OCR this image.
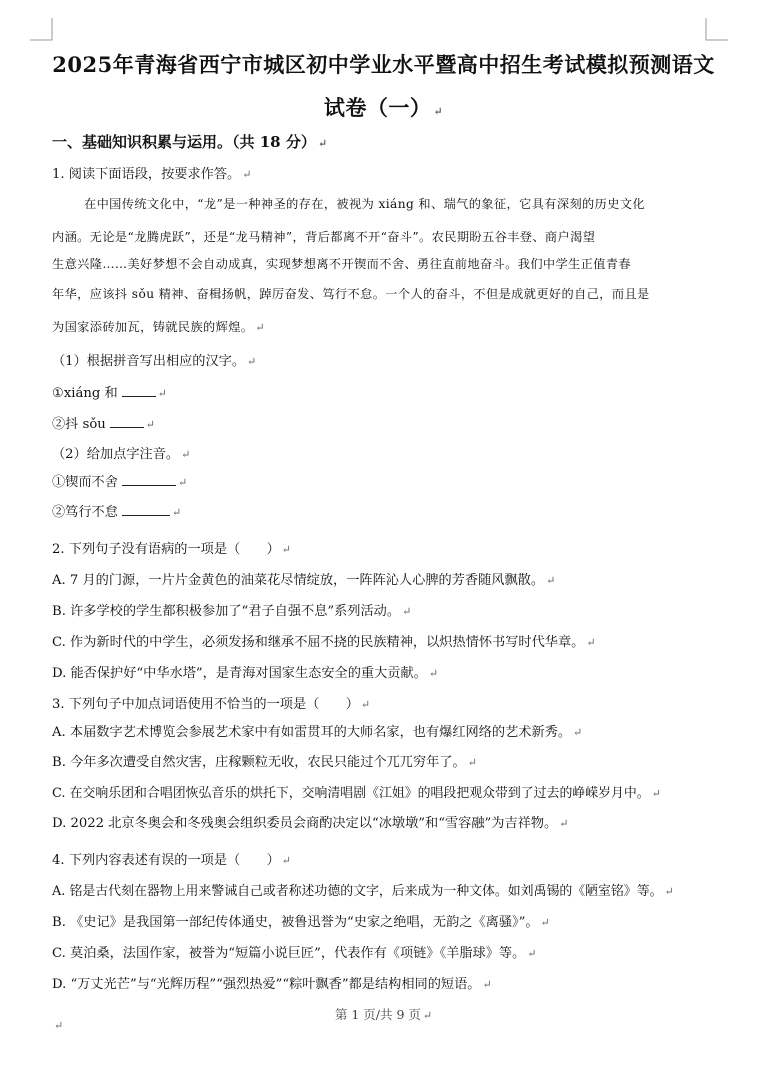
2025年青海省西宁市城区初中学业水平暨高中招生考试模拟预测语文
试卷（一） ↵
一、基础知识积累与运用。（共 18 分） ↵
1. 阅读下面语段，按要求作答。 ↵
在中国传统文化中，“龙”是一种神圣的存在，被视为 xiáng 和、瑞气的象征，它具有深刻的历史文化
内涵。无论是“龙腾虎跃”，还是“龙马精神”，背后都离不开“奋斗”。农民期盼五谷丰登、商户渴望
生意兴隆……美好梦想不会自动成真，实现梦想离不开锲而不舍、勇往直前地奋斗。我们中学生正值青春
年华，应该抖 sǒu 精神、奋楫扬帆，踔厉奋发、笃行不怠。一个人的奋斗，不但是成就更好的自己，而且是
为国家添砖加瓦，铸就民族的辉煌。 ↵
（1）根据拼音写出相应的汉字。 ↵
①xiáng 和	↵
②抖 sǒu	↵
（2）给加点字注音。 ↵
①锲而不舍	↵
②笃行不怠	↵
2. 下列句子没有语病的一项是（　　） ↵
A. 7 月的门源，一片片金黄色的油菜花尽情绽放，一阵阵沁人心脾的芳香随风飘散。 ↵
B. 许多学校的学生都积极参加了“君子自强不息”系列活动。 ↵
C. 作为新时代的中学生，必须发扬和继承不屈不挠的民族精神，以炽热情怀书写时代华章。 ↵
D. 能否保护好“中华水塔”，是青海对国家生态安全的重大贡献。 ↵
3. 下列句子中加点词语使用不恰当的一项是（　　） ↵
A. 本届数字艺术博览会参展艺术家中有如雷贯耳的大师名家，也有爆红网络的艺术新秀。 ↵
B. 今年多次遭受自然灾害，庄稼颗粒无收，农民只能过个兀兀穷年了。 ↵
C. 在交响乐团和合唱团恢弘音乐的烘托下，交响清唱剧《江姐》的唱段把观众带到了过去的峥嵘岁月中。 ↵
D. 2022 北京冬奥会和冬残奥会组织委员会商酌决定以“冰墩墩”和“雪容融”为吉祥物。 ↵
4. 下列内容表述有误的一项是（　　） ↵
A. 铭是古代刻在器物上用来警诫自己或者称述功德的文字，后来成为一种文体。如刘禹锡的《陋室铭》等。 ↵
B. 《史记》是我国第一部纪传体通史，被鲁迅誉为“史家之绝唱，无韵之《离骚》”。 ↵
C. 莫泊桑，法国作家，被誉为“短篇小说巨匠”，代表作有《项链》《羊脂球》等。 ↵
D. “万丈光芒”与“光辉历程”“强烈热爱”“粽叶飘香”都是结构相同的短语。 ↵
第 1 页/共 9 页 ↵
↵
